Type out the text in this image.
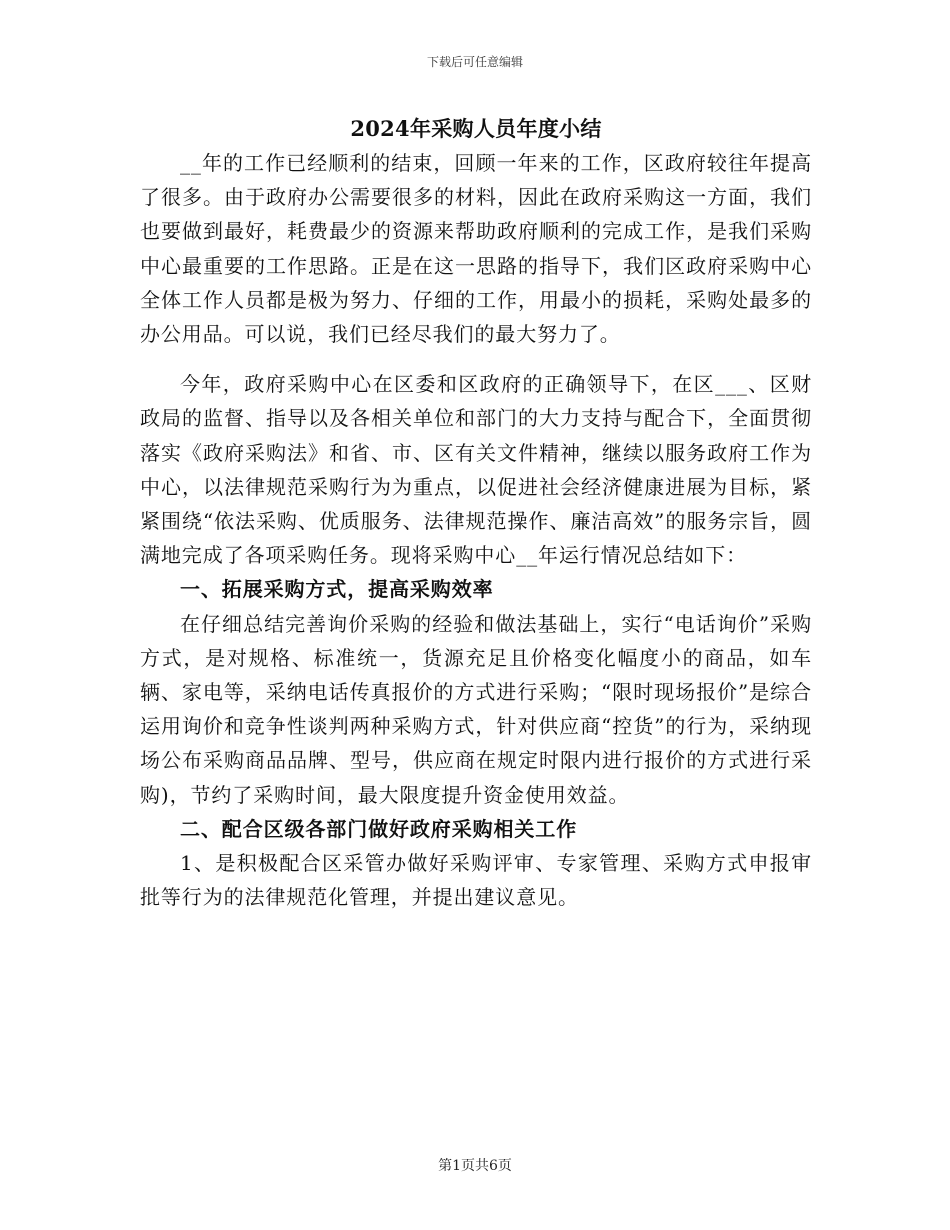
下载后可任意编辑
2024年采购人员年度小结

__年的工作已经顺利的结束，回顾一年来的工作，区政府较往年提高了很多。由于政府办公需要很多的材料，因此在政府采购这一方面，我们也要做到最好，耗费最少的资源来帮助政府顺利的完成工作，是我们采购中心最重要的工作思路。正是在这一思路的指导下，我们区政府采购中心全体工作人员都是极为努力、仔细的工作，用最小的损耗，采购处最多的办公用品。可以说，我们已经尽我们的最大努力了。

今年，政府采购中心在区委和区政府的正确领导下，在区___、区财政局的监督、指导以及各相关单位和部门的大力支持与配合下，全面贯彻落实《政府采购法》和省、市、区有关文件精神，继续以服务政府工作为中心，以法律规范采购行为为重点，以促进社会经济健康进展为目标，紧紧围绕“依法采购、优质服务、法律规范操作、廉洁高效”的服务宗旨，圆满地完成了各项采购任务。现将采购中心__年运行情况总结如下：

一、拓展采购方式，提高采购效率

在仔细总结完善询价采购的经验和做法基础上，实行“电话询价”采购方式，是对规格、标准统一，货源充足且价格变化幅度小的商品，如车辆、家电等，采纳电话传真报价的方式进行采购；“限时现场报价”是综合运用询价和竞争性谈判两种采购方式，针对供应商“控货”的行为，采纳现场公布采购商品品牌、型号，供应商在规定时限内进行报价的方式进行采购)，节约了采购时间，最大限度提升资金使用效益。

二、配合区级各部门做好政府采购相关工作

1、是积极配合区采管办做好采购评审、专家管理、采购方式申报审批等行为的法律规范化管理，并提出建议意见。

第1页共6页
